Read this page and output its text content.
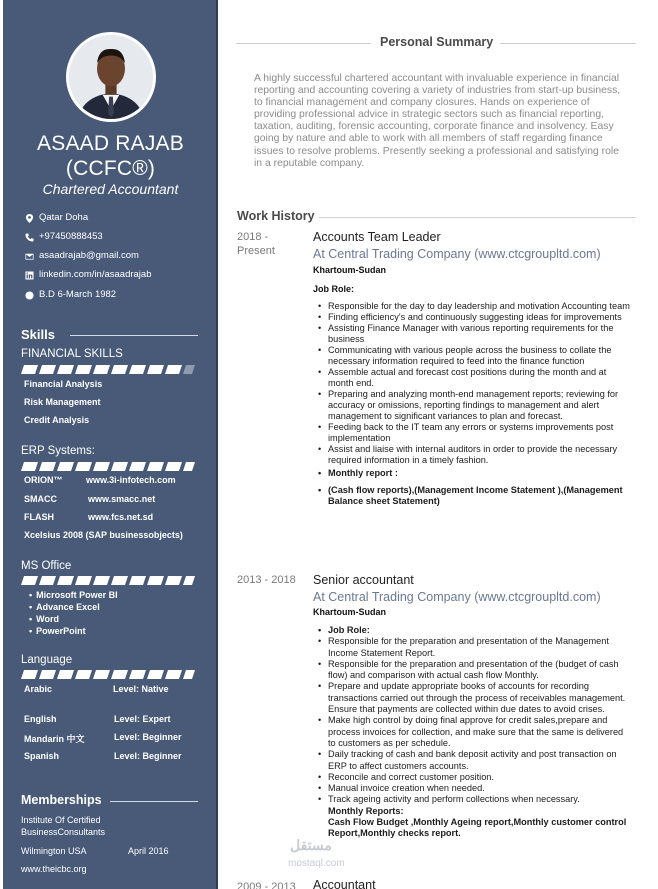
ASAAD RAJAB
(CCFC®)
Chartered Accountant
Qatar Doha
+97450888453
asaadrajab@gmail.com
linkedin.com/in/asaadrajab
B.D 6-March 1982
Skills
FINANCIAL SKILLS
Financial Analysis
Risk Management
Credit Analysis
ERP Systems:
ORION™	www.3i-infotech.com
SMACC	www.smacc.net
FLASH	www.fcs.net.sd
Xcelsius 2008 (SAP businessobjects)
MS Office
• Microsoft Power BI
• Advance Excel
• Word
• PowerPoint
Language
Arabic	Level: Native
English	Level: Expert
Mandarin 中文	Level: Beginner
Spanish	Level: Beginner
Memberships
Institute Of Certified
BusinessConsultants
Wilmington USA	April 2016
www.theicbc.org
Personal Summary
A highly successful chartered accountant with invaluable experience in financial reporting and accounting covering a variety of industries from start-up business, to financial management and company closures. Hands on experience of providing professional advice in strategic sectors such as financial reporting, taxation, auditing, forensic accounting, corporate finance and insolvency. Easy going by nature and able to work with all members of staff regarding finance issues to resolve problems. Presently seeking a professional and satisfying role in a reputable company.
Work History
2018 -
Present
Accounts Team Leader
At Central Trading Company (www.ctcgroupltd.com)
Khartoum-Sudan
Job Role:
• Responsible for the day to day leadership and motivation Accounting team
• Finding efficiency's and continuously suggesting ideas for improvements
• Assisting Finance Manager with various reporting requirements for the business
• Communicating with various people across the business to collate the necessary information required to feed into the finance function
• Assemble actual and forecast cost positions during the month and at month end.
• Preparing and analyzing month-end management reports; reviewing for accuracy or omissions, reporting findings to management and alert management to significant variances to plan and forecast.
• Feeding back to the IT team any errors or systems improvements post implementation
• Assist and liaise with internal auditors in order to provide the necessary required information in a timely fashion.
• Monthly report :
• (Cash flow reports),(Management Income Statement ),(Management Balance sheet Statement)
2013 - 2018 Senior accountant
At Central Trading Company (www.ctcgroupltd.com)
Khartoum-Sudan
• Job Role:
• Responsible for the preparation and presentation of the Management Income Statement Report.
• Responsible for the preparation and presentation of the (budget of cash flow) and comparison with actual cash flow Monthly.
• Prepare and update appropriate books of accounts for recording transactions carried out through the process of receivables management. Ensure that payments are collected within due dates to avoid crises.
• Make high control by doing final approve for credit sales,prepare and process invoices for collection, and make sure that the same is delivered to customers as per schedule.
• Daily tracking of cash and bank deposit activity and post transaction on ERP to affect customers accounts.
• Reconcile and correct customer position.
• Manual invoice creation when needed.
• Track ageing activity and perform collections when necessary.
Monthly Reports:
Cash Flow Budget ,Monthly Ageing report,Monthly customer control Report,Monthly checks report.
مستقل
mostaql.com
2009 - 2013 Accountant
